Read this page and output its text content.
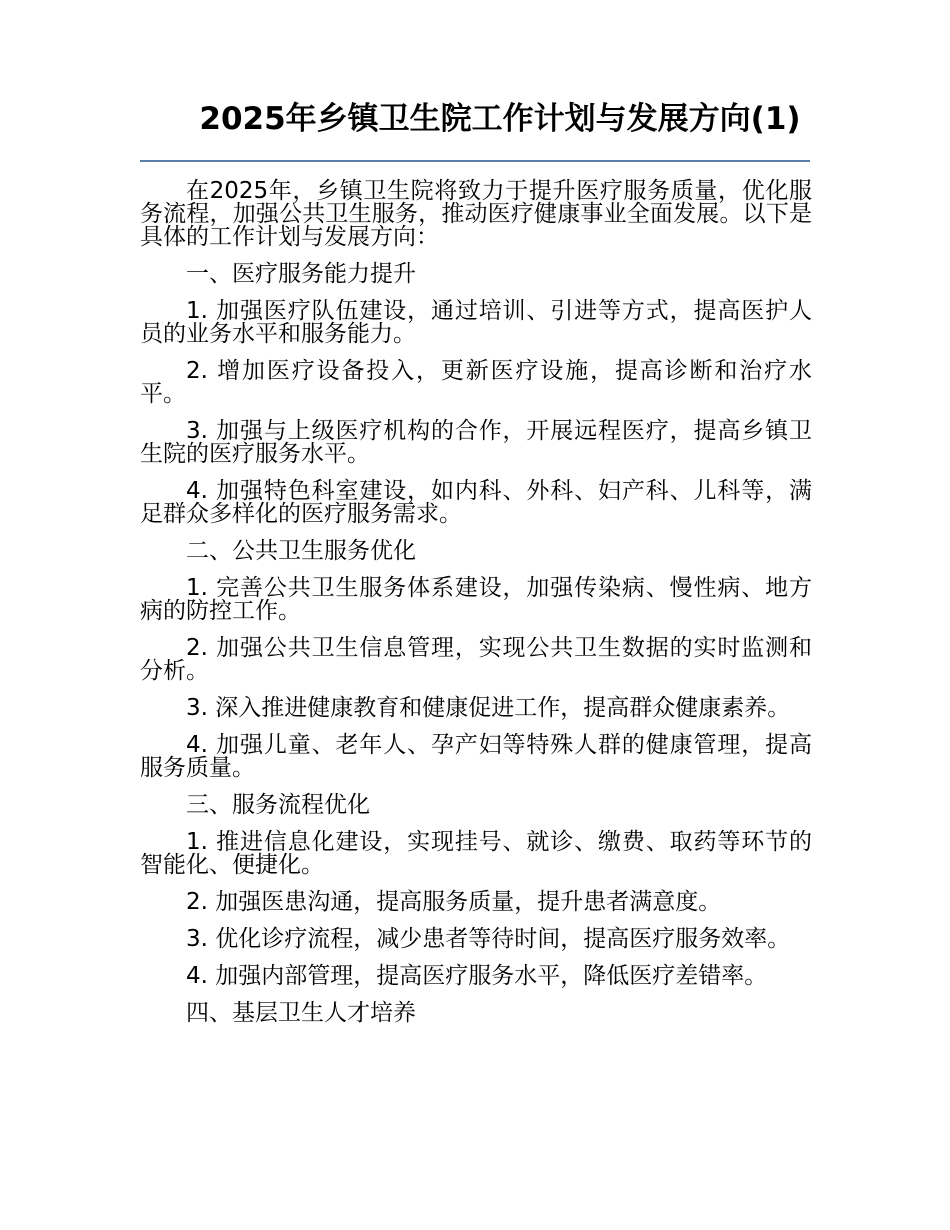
2025年乡镇卫生院工作计划与发展方向(1)

在2025年，乡镇卫生院将致力于提升医疗服务质量，优化服务流程，加强公共卫生服务，推动医疗健康事业全面发展。以下是具体的工作计划与发展方向：

一、医疗服务能力提升

1. 加强医疗队伍建设，通过培训、引进等方式，提高医护人员的业务水平和服务能力。

2. 增加医疗设备投入，更新医疗设施，提高诊断和治疗水平。

3. 加强与上级医疗机构的合作，开展远程医疗，提高乡镇卫生院的医疗服务水平。

4. 加强特色科室建设，如内科、外科、妇产科、儿科等，满足群众多样化的医疗服务需求。

二、公共卫生服务优化

1. 完善公共卫生服务体系建设，加强传染病、慢性病、地方病的防控工作。

2. 加强公共卫生信息管理，实现公共卫生数据的实时监测和分析。

3. 深入推进健康教育和健康促进工作，提高群众健康素养。

4. 加强儿童、老年人、孕产妇等特殊人群的健康管理，提高服务质量。

三、服务流程优化

1. 推进信息化建设，实现挂号、就诊、缴费、取药等环节的智能化、便捷化。

2. 加强医患沟通，提高服务质量，提升患者满意度。

3. 优化诊疗流程，减少患者等待时间，提高医疗服务效率。

4. 加强内部管理，提高医疗服务水平，降低医疗差错率。

四、基层卫生人才培养
